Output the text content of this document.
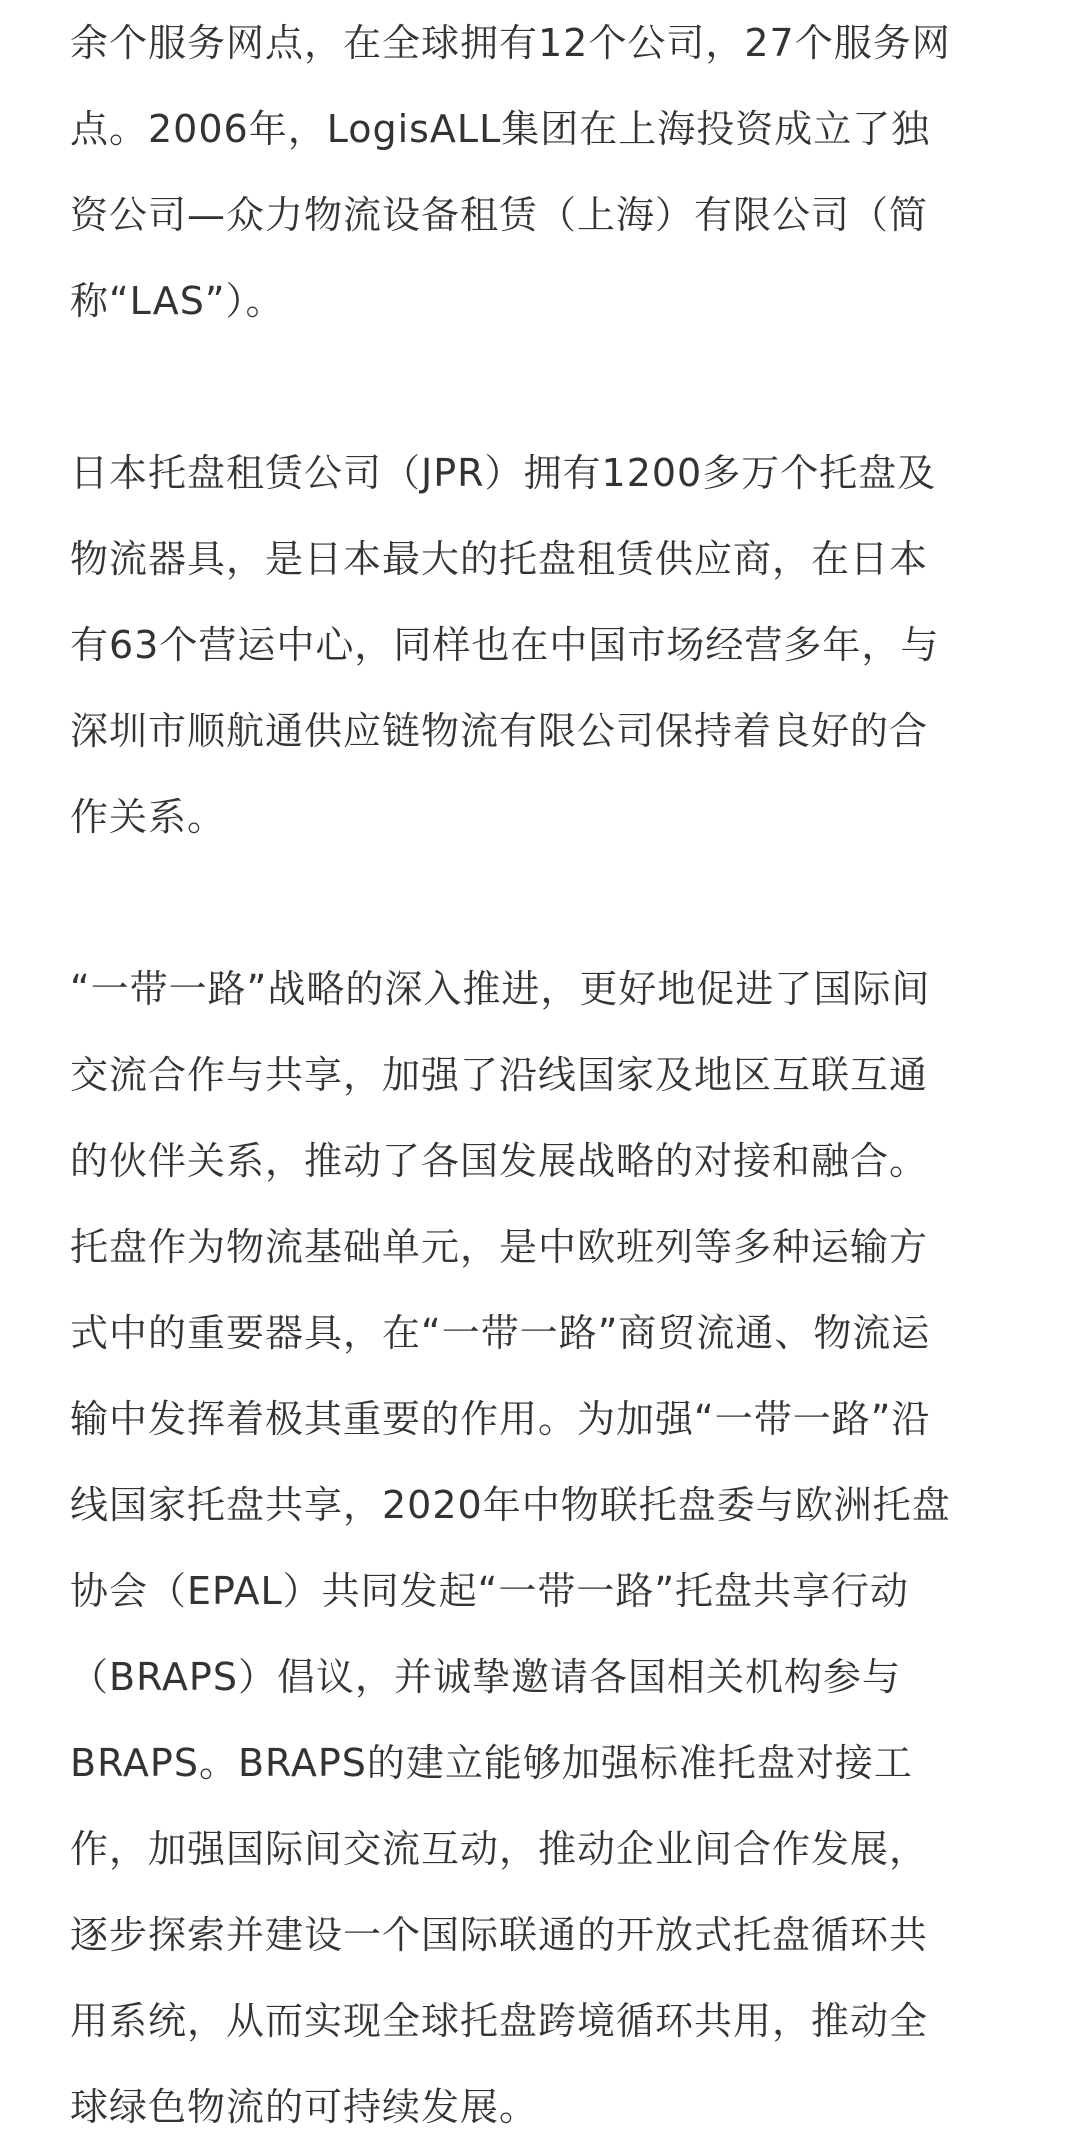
余个服务网点，在全球拥有12个公司，27个服务网
点。2006年，LogisALL集团在上海投资成立了独
资公司—众力物流设备租赁（上海）有限公司（简
称“LAS”）。
日本托盘租赁公司（JPR）拥有1200多万个托盘及
物流器具，是日本最大的托盘租赁供应商，在日本
有63个营运中心，同样也在中国市场经营多年，与
深圳市顺航通供应链物流有限公司保持着良好的合
作关系。
“一带一路”战略的深入推进，更好地促进了国际间
交流合作与共享，加强了沿线国家及地区互联互通
的伙伴关系，推动了各国发展战略的对接和融合。
托盘作为物流基础单元，是中欧班列等多种运输方
式中的重要器具，在“一带一路”商贸流通、物流运
输中发挥着极其重要的作用。为加强“一带一路”沿
线国家托盘共享，2020年中物联托盘委与欧洲托盘
协会（EPAL）共同发起“一带一路”托盘共享行动
（BRAPS）倡议，并诚挚邀请各国相关机构参与
BRAPS。BRAPS的建立能够加强标准托盘对接工
作，加强国际间交流互动，推动企业间合作发展，
逐步探索并建设一个国际联通的开放式托盘循环共
用系统，从而实现全球托盘跨境循环共用，推动全
球绿色物流的可持续发展。
